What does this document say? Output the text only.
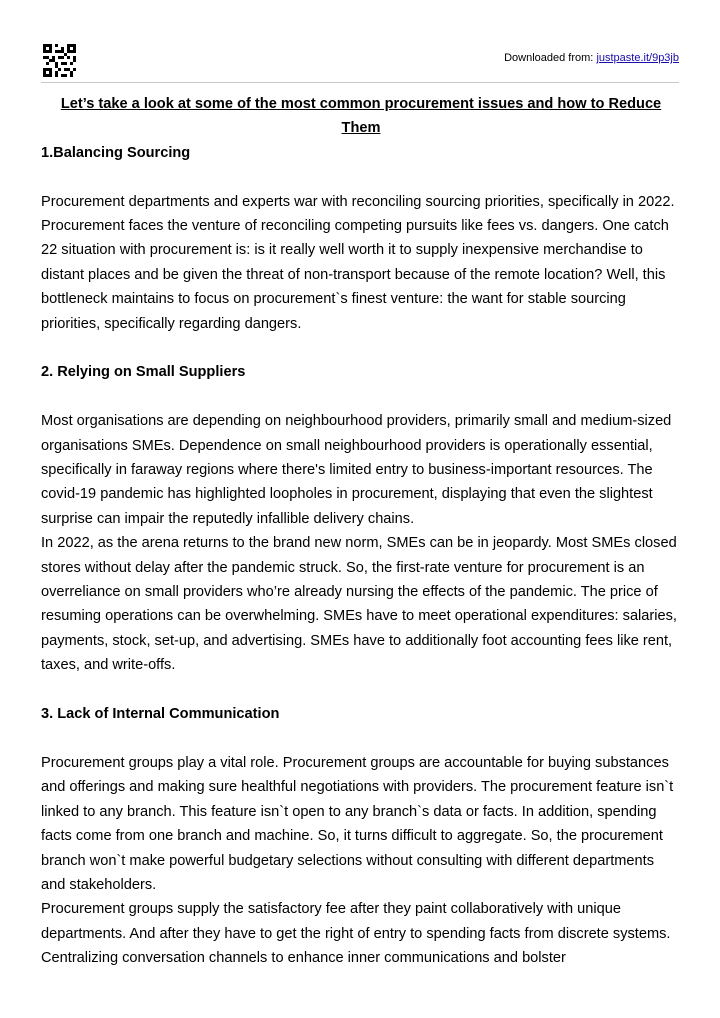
Downloaded from: justpaste.it/9p3jb

Let’s take a look at some of the most common procurement issues and how to Reduce Them

1.Balancing Sourcing

Procurement departments and experts war with reconciling sourcing priorities, specifically in 2022. Procurement faces the venture of reconciling competing pursuits like fees vs. dangers. One catch 22 situation with procurement is: is it really well worth it to supply inexpensive merchandise to distant places and be given the threat of non-transport because of the remote location? Well, this bottleneck maintains to focus on procurement`s finest venture: the want for stable sourcing priorities, specifically regarding dangers.

2. Relying on Small Suppliers

Most organisations are depending on neighbourhood providers, primarily small and medium-sized organisations SMEs. Dependence on small neighbourhood providers is operationally essential, specifically in faraway regions where there's limited entry to business-important resources. The covid-19 pandemic has highlighted loopholes in procurement, displaying that even the slightest surprise can impair the reputedly infallible delivery chains.

In 2022, as the arena returns to the brand new norm, SMEs can be in jeopardy. Most SMEs closed stores without delay after the pandemic struck. So, the first-rate venture for procurement is an overreliance on small providers who’re already nursing the effects of the pandemic. The price of resuming operations can be overwhelming. SMEs have to meet operational expenditures: salaries, payments, stock, set-up, and advertising. SMEs have to additionally foot accounting fees like rent, taxes, and write-offs.

3. Lack of Internal Communication

Procurement groups play a vital role. Procurement groups are accountable for buying substances and offerings and making sure healthful negotiations with providers. The procurement feature isn`t linked to any branch. This feature isn`t open to any branch`s data or facts. In addition, spending facts come from one branch and machine. So, it turns difficult to aggregate. So, the procurement branch won`t make powerful budgetary selections without consulting with different departments and stakeholders.

Procurement groups supply the satisfactory fee after they paint collaboratively with unique departments. And after they have to get the right of entry to spending facts from discrete systems. Centralizing conversation channels to enhance inner communications and bolster
